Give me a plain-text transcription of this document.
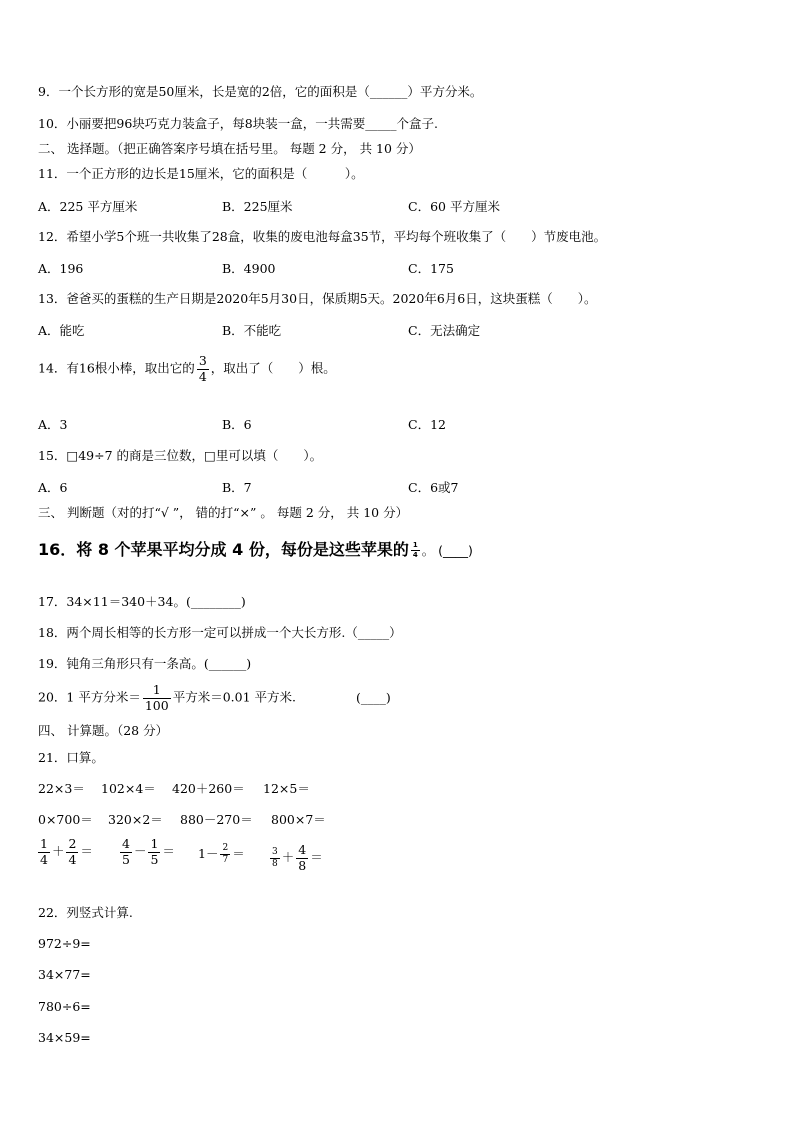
9．一个长方形的宽是50厘米，长是宽的2倍，它的面积是（______）平方分米。
10．小丽要把96块巧克力装盒子，每8块装一盒，一共需要_____个盒子.
二、 选择题。（把正确答案序号填在括号里。 每题 2 分， 共 10 分）
11．一个正方形的边长是15厘米，它的面积是（　　　）。
A．225 平方厘米	B．225厘米	C．60 平方厘米
12．希望小学5个班一共收集了28盒，收集的废电池每盒35节，平均每个班收集了（　　）节废电池。
A．196	B．4900	C．175
13．爸爸买的蛋糕的生产日期是2020年5月30日，保质期5天。2020年6月6日，这块蛋糕（　　）。
A．能吃	B．不能吃	C．无法确定
14．有16根小棒，取出它的 $\frac{3}{4}$ ，取出了（　　）根。
A．3	B．6	C．12
15．□49÷7 的商是三位数，□里可以填（　　）。
A．6	B．7	C．6或7
三、 判断题（对的打“√ ”， 错的打“×” 。 每题 2 分， 共 10 分）
16．将 8 个苹果平均分成 4 份，每份是这些苹果的 $\frac{1}{4}$ 。 (____)
17．34×11＝340＋34。(________)
18．两个周长相等的长方形一定可以拼成一个大长方形.（_____）
19．钝角三角形只有一条高。(______)
20．1 平方分米＝ $\frac{1}{100}$ 平方米＝0.01 平方米.	(____)
四、 计算题。（28 分）
21．口算。
22×3＝ 102×4＝ 420＋260＝ 12×5＝
0×700＝ 320×2＝ 880－270＝ 800×7＝
$\frac{1}{4} + \frac{2}{4} = \frac{4}{5} - \frac{1}{5} = 1- \frac{2}{7}$ ＝	$\frac{3}{8} + \frac{4}{8}$ ＝
22．列竖式计算.
972÷9=
34×77=
780÷6=
34×59=
